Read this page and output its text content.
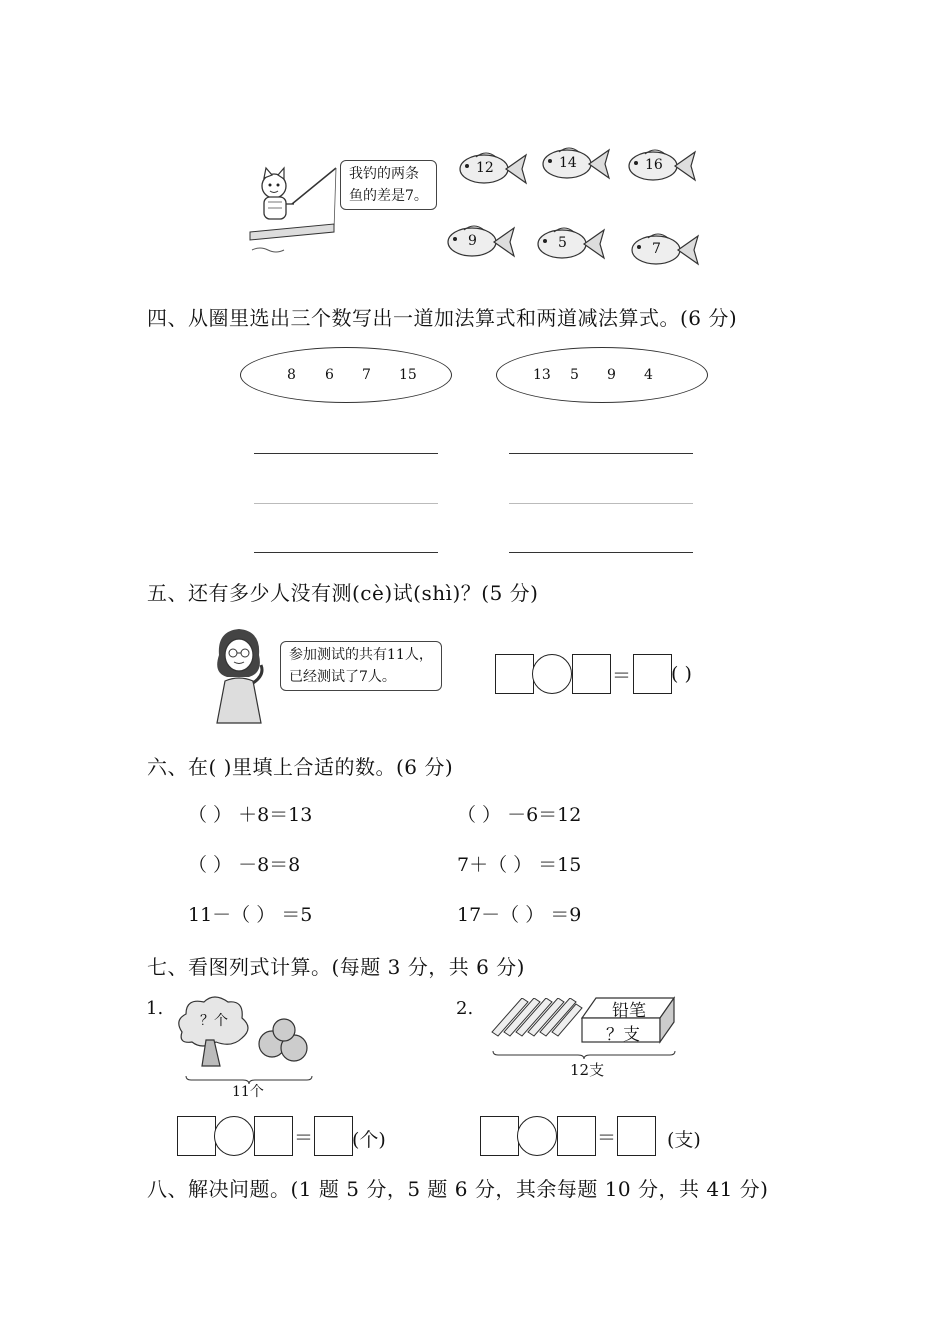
我钓的两条
鱼的差是7。
12	14	16
9	5	7
四、从圈里选出三个数写出一道加法算式和两道减法算式。(6 分)
8 6 7 15	13 5 9 4
五、还有多少人没有测(cè)试(shì)？(5 分)
参加测试的共有11人，
已经测试了7人。	＝ ( )
六、在( )里填上合适的数。(6 分)
（ ） ＋8＝13	（ ） －6＝12
（ ） －8＝8	7＋（ ） ＝15
11－（ ） ＝5	17－（ ） ＝9
七、看图列式计算。(每题 3 分，共 6 分)
1.
？个
11个
＝ (个)
2.	铅笔
？支
12支
＝	(支)
八、解决问题。(1 题 5 分，5 题 6 分，其余每题 10 分，共 41 分)
